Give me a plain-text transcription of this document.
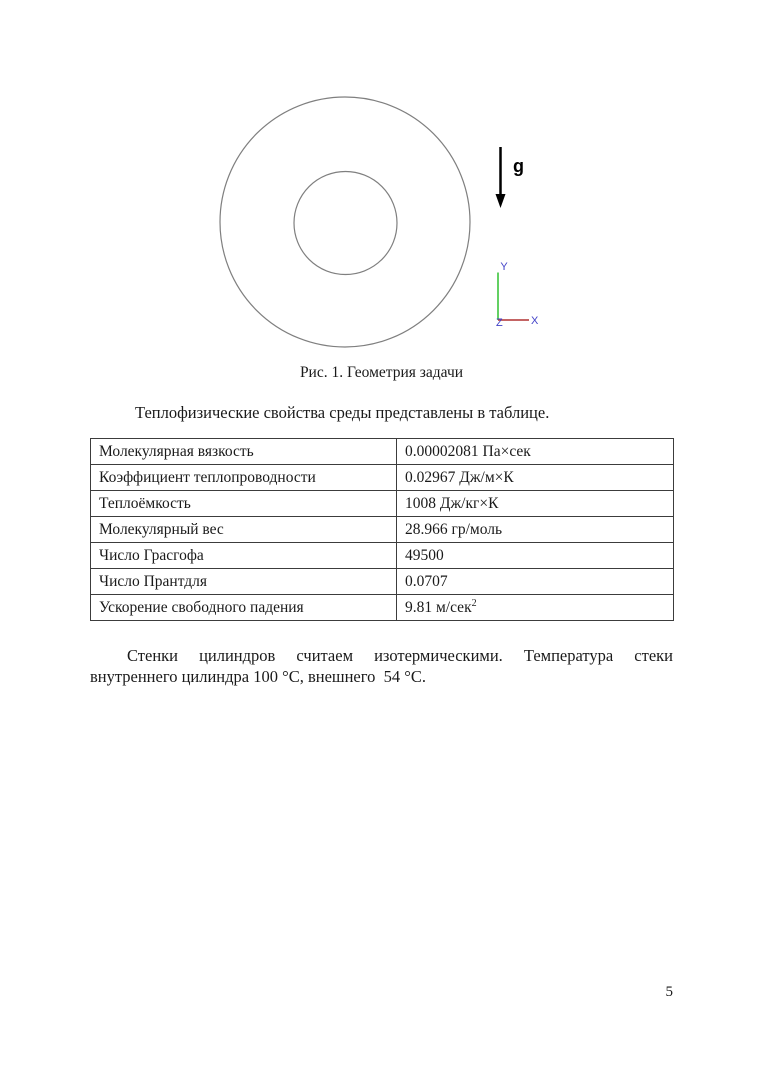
g
Y
X
Z
Рис. 1. Геометрия задачи
Теплофизические свойства среды представлены в таблице.
Молекулярная вязкость	0.00002081 Па×сек
Коэффициент теплопроводности	0.02967 Дж/м×К
Теплоёмкость	1008 Дж/кг×К
Молекулярный вес	28.966 гр/моль
Число Грасгофа	49500
Число Прантдля	0.0707
Ускорение свободного падения	9.81 м/сек$^2$
Стенки цилиндров считаем изотермическими. Температура стеки
внутреннего цилиндра 100 °С, внешнего  54 °С.
5
